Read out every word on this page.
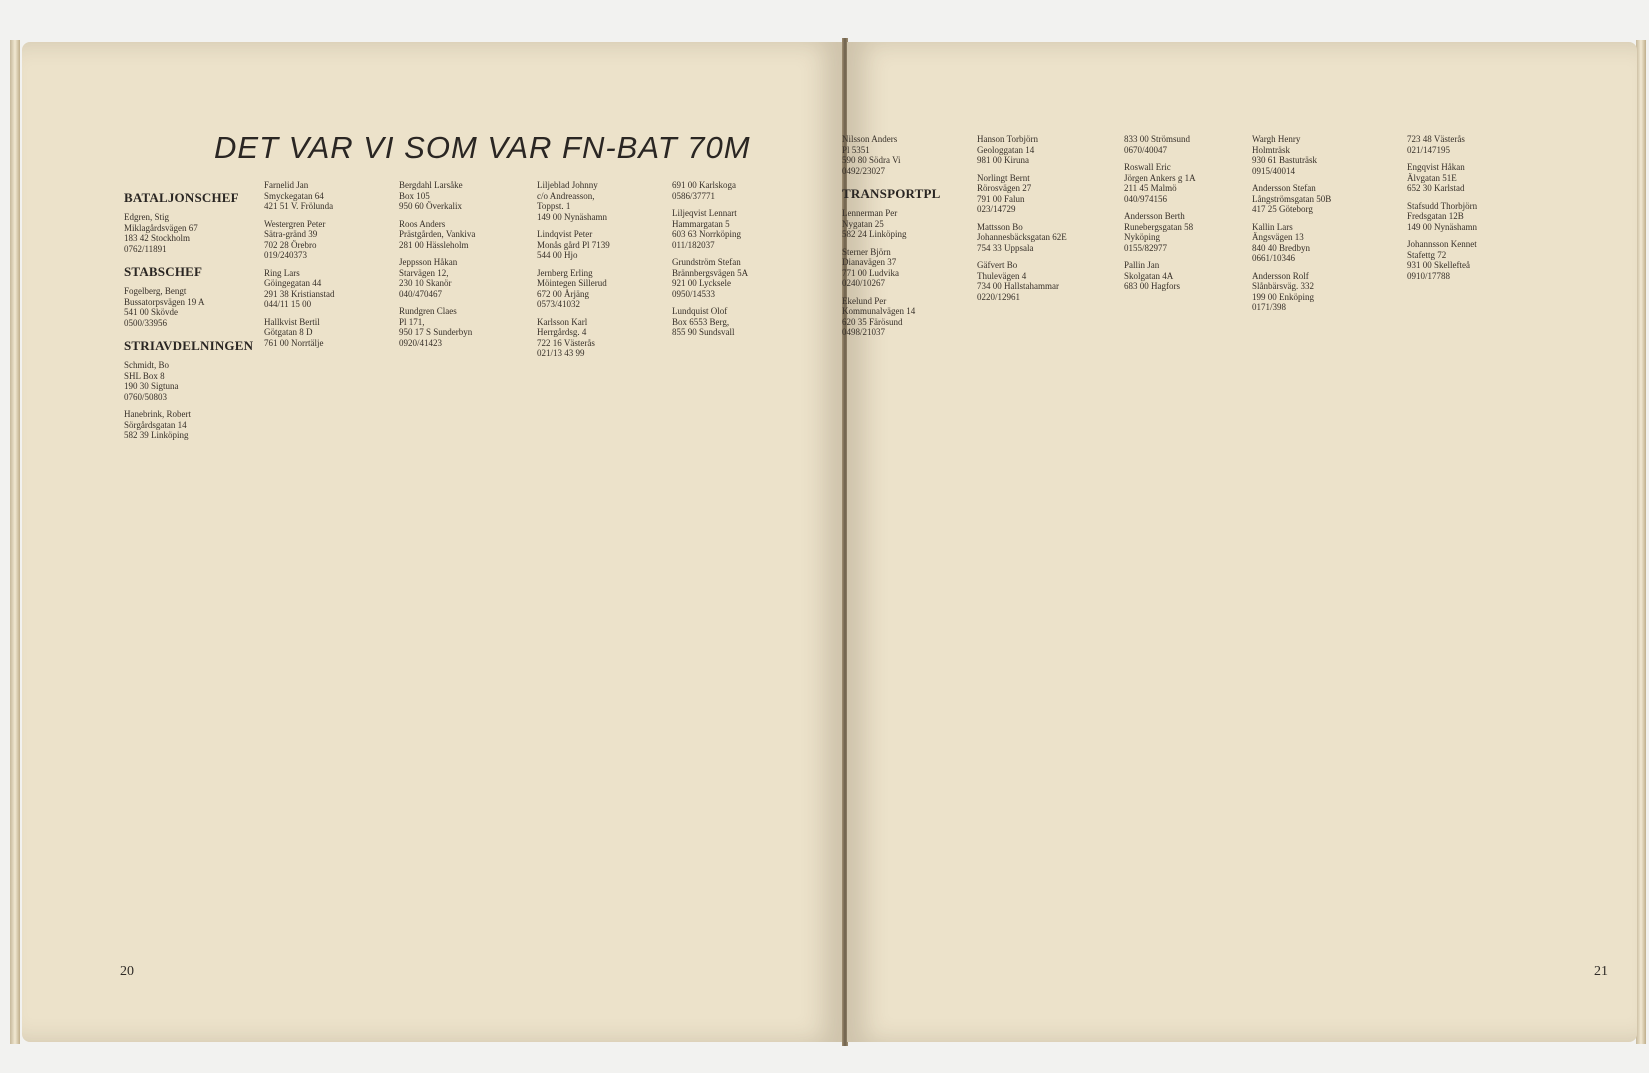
DET VAR VI SOM VAR FN-BAT 70M
BATALJONSCHEF
Edgren, Stig
Miklagårdsvägen 67
183 42 Stockholm
0762/11891
STABSCHEF
Fogelberg, Bengt
Bussatorpsvägen 19 A
541 00 Skövde
0500/33956
STRIAVDELNINGEN
Schmidt, Bo
SHL Box 8
190 30 Sigtuna
0760/50803
Hanebrink, Robert
Sörgårdsgatan 14
582 39 Linköping
Farnelid Jan
Smyckegatan 64
421 51 V. Frölunda
Westergren Peter
Sätra-gränd 39
702 28 Örebro
019/240373
Ring Lars
Göingegatan 44
291 38 Kristianstad
044/11 15 00
Hallkvist Bertil
Götgatan 8 D
761 00 Norrtälje
Bergdahl Larsåke
Box 105
950 60 Överkalix
Roos Anders
Prästgården, Vankiva
281 00 Hässleholm
Jeppsson Håkan
Starvägen 12,
230 10 Skanör
040/470467
Rundgren Claes
Pl 171,
950 17 S Sunderbyn
0920/41423
Liljeblad Johnny
c/o Andreasson,
Toppst. 1
149 00 Nynäshamn
Lindqvist Peter
Monås gård Pl 7139
544 00 Hjo
Jernberg Erling
Möintegen Sillerud
672 00 Årjäng
0573/41032
Karlsson Karl
Herrgårdsg. 4
722 16 Västerås
021/13 43 99
691 00 Karlskoga
0586/37771
Liljeqvist Lennart
Hammargatan 5
603 63 Norrköping
011/182037
Grundström Stefan
Brännbergsvägen 5A
921 00 Lycksele
0950/14533
Lundquist Olof
Box 6553 Berg,
855 90 Sundsvall
20
Nilsson Anders
Pl 5351
590 80 Södra Vi
0492/23027
TRANSPORTPL
Lennerman Per
Nygatan 25
582 24 Linköping
Sterner Björn
Dianavägen 37
771 00 Ludvika
0240/10267
Ekelund Per
Kommunalvägen 14
620 35 Färösund
0498/21037
Hanson Torbjörn
Geologgatan 14
981 00 Kiruna
Norlingt Bernt
Rörosvägen 27
791 00 Falun
023/14729
Mattsson Bo
Johannesbäcksgatan 62E
754 33 Uppsala
Gäfvert Bo
Thulevägen 4
734 00 Hallstahammar
0220/12961
833 00 Strömsund
0670/40047
Roswall Eric
Jörgen Ankers g 1A
211 45 Malmö
040/974156
Andersson Berth
Runebergsgatan 58
Nyköping
0155/82977
Pallin Jan
Skolgatan 4A
683 00 Hagfors
Wargh Henry
Holmträsk
930 61 Bastuträsk
0915/40014
Andersson Stefan
Långströmsgatan 50B
417 25 Göteborg
Kallin Lars
Ängsvägen 13
840 40 Bredbyn
0661/10346
Andersson Rolf
Slånbärsväg. 332
199 00 Enköping
0171/398
723 48 Västerås
021/147195
Engqvist Håkan
Älvgatan 51E
652 30 Karlstad
Stafsudd Thorbjörn
Fredsgatan 12B
149 00 Nynäshamn
Johannsson Kennet
Stafettg 72
931 00 Skellefteå
0910/17788
21
